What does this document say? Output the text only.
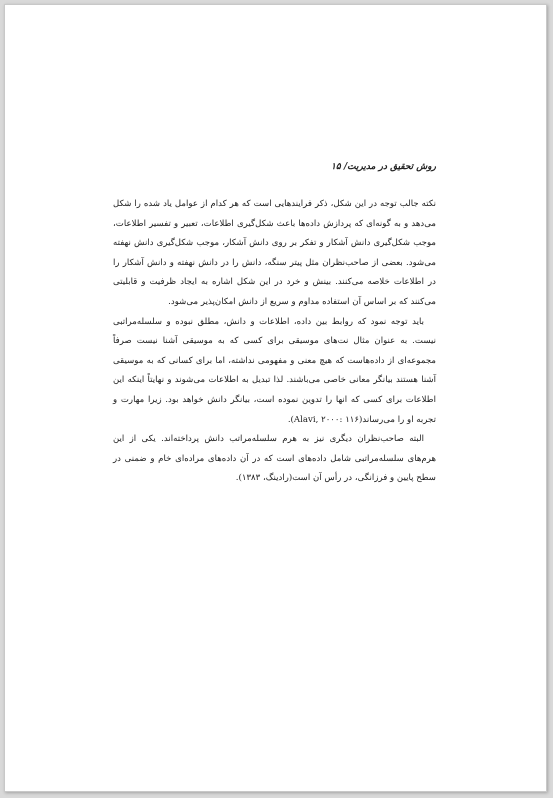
روش تحقیق در مدیریت/ ۱۵

نکته جالب توجه در این شکل، ذکر فرایندهایی است که هر کدام از عوامل یاد شده را شکل می‌دهد و به گونه‌ای که پردازش داده‌ها باعث شکل‌گیری اطلاعات، تعبیر و تفسیر اطلاعات، موجب شکل‌گیری دانش آشکار و تفکر بر روی دانش آشکار، موجب شکل‌گیری دانش نهفته می‌شود. بعضی از صاحب‌نظران مثل پیتر سنگه، دانش را در دانش نهفته و دانش آشکار را در اطلاعات خلاصه می‌کنند. بینش و خرد در این شکل اشاره به ایجاد ظرفیت و قابلیتی می‌کنند که بر اساس آن استفاده مداوم و سریع از دانش امکان‌پذیر می‌شود.

باید توجه نمود که روابط بین داده، اطلاعات و دانش، مطلق نبوده و سلسله‌مراتبی نیست. به عنوان مثال نت‌های موسیقی برای کسی که به موسیقی آشنا نیست صرفاً مجموعه‌ای از داده‌هاست که هیچ معنی و مفهومی نداشته، اما برای کسانی که به موسیقی آشنا هستند بیانگر معانی خاصی می‌باشند. لذا تبدیل به اطلاعات می‌شوند و نهایتاً اینکه این اطلاعات برای کسی که انها را تدوین نموده است، بیانگر دانش خواهد بود. زیرا مهارت و تجربه او را می‌رساند(۱۱۶ :۲۰۰۰ ,Alavi).

البته صاحب‌نظران دیگری نیز به هرم سلسله‌مراتب دانش پرداخته‌اند. یکی از این هرم‌های سلسله‌مراتبی شامل داده‌های است که در آن داده‌های مراد‌ه‌ای خام و ضمنی در سطح پایین و فرزانگی، در رأس آن است(رادینگ، ۱۳۸۳).
